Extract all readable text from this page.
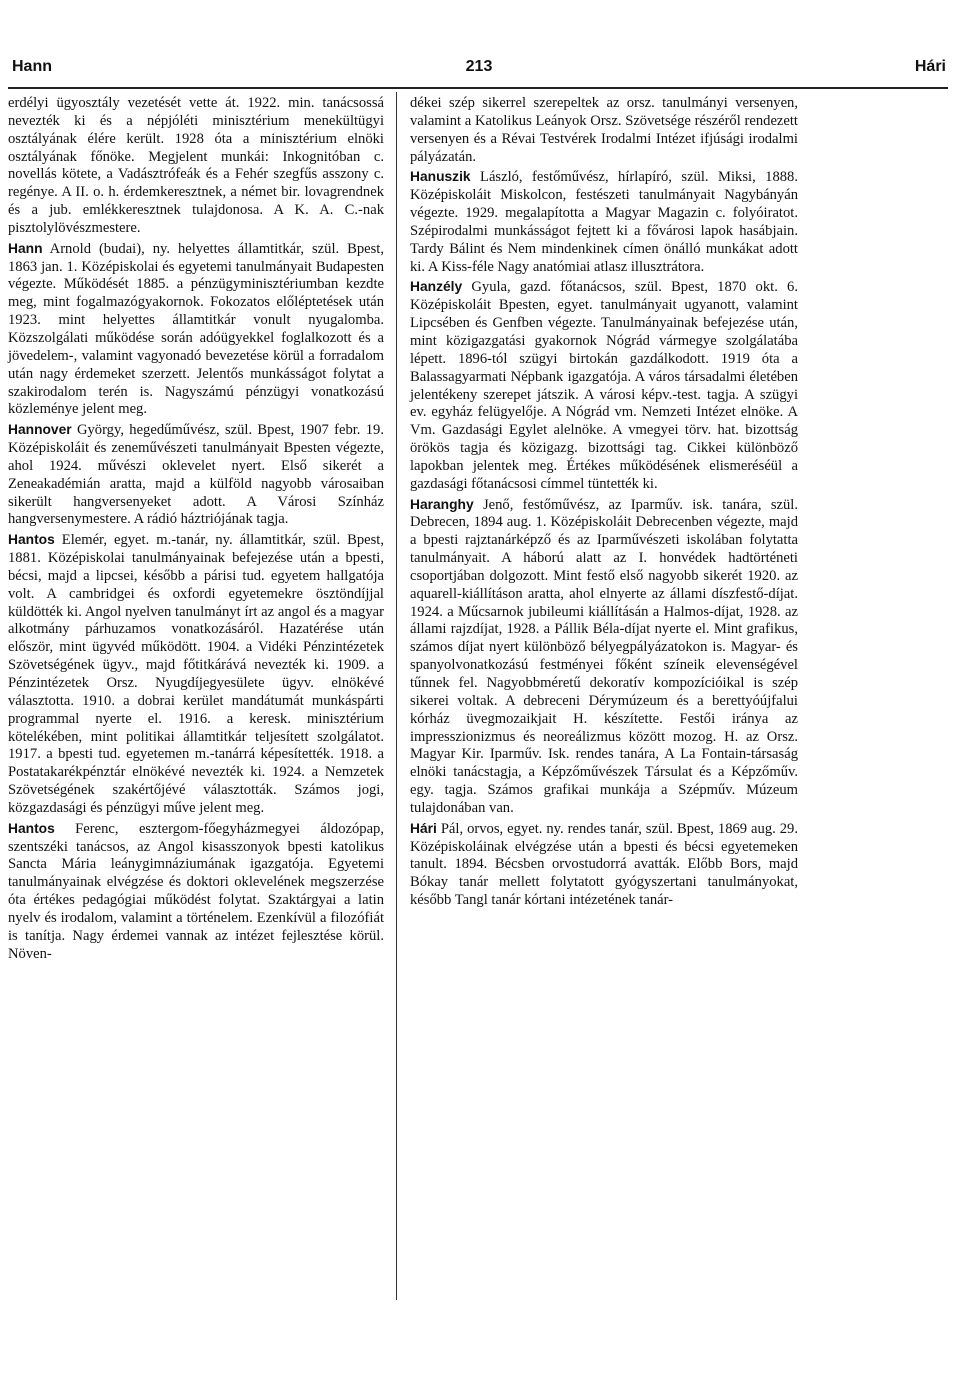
Hann	213	Hári

erdélyi ügyosztály vezetését vette át. 1922. min. tanácsossá nevezték ki és a népjóléti minisztérium menekültügyi osztályának élére került. 1928 óta a minisztérium elnöki osztályának főnöke. Megjelent munkái: Inkognitóban c. novellás kötete, a Vadásztrófeák és a Fehér szegfűs asszony c. regénye. A II. o. h. érdemkeresztnek, a német bir. lovagrendnek és a jub. emlékkeresztnek tulajdonosa. A K. A. C.-nak pisztolylövészmestere.

Hann Arnold (budai), ny. helyettes államtitkár, szül. Bpest, 1863 jan. 1. Középiskolai és egyetemi tanulmányait Budapesten végezte. Működését 1885. a pénzügyminisztériumban kezdte meg, mint fogalmazógyakornok. Fokozatos előléptetések után 1923. mint helyettes államtitkár vonult nyugalomba. Közszolgálati működése során adóügyekkel foglalkozott és a jövedelem-, valamint vagyonadó bevezetése körül a forradalom után nagy érdemeket szerzett. Jelentős munkásságot folytat a szakirodalom terén is. Nagyszámú pénzügyi vonatkozású közleménye jelent meg.

Hannover György, hegedűművész, szül. Bpest, 1907 febr. 19. Középiskoláit és zeneművészeti tanulmányait Bpesten végezte, ahol 1924. művészi oklevelet nyert. Első sikerét a Zeneakadémián aratta, majd a külföld nagyobb városaiban sikerült hangversenyeket adott. A Városi Színház hangversenymestere. A rádió háztriójának tagja.

Hantos Elemér, egyet. m.-tanár, ny. államtitkár, szül. Bpest, 1881. Középiskolai tanulmányainak befejezése után a bpesti, bécsi, majd a lipcsei, később a párisi tud. egyetem hallgatója volt. A cambridgei és oxfordi egyetemekre ösztöndíjjal küldötték ki. Angol nyelven tanulmányt írt az angol és a magyar alkotmány párhuzamos vonatkozásáról. Hazatérése után először, mint ügyvéd működött. 1904. a Vidéki Pénzintézetek Szövetségének ügyv., majd főtitkárává nevezték ki. 1909. a Pénzintézetek Orsz. Nyugdíjegyesülete ügyv. elnökévé választotta. 1910. a dobrai kerület mandátumát munkáspárti programmal nyerte el. 1916. a keresk. minisztérium kötelékében, mint politikai államtitkár teljesített szolgálatot. 1917. a bpesti tud. egyetemen m.-tanárrá képesítették. 1918. a Postatakarékpénztár elnökévé nevezték ki. 1924. a Nemzetek Szövetségének szakértőjévé választották. Számos jogi, közgazdasági és pénzügyi műve jelent meg.

Hantos Ferenc, esztergom-főegyházmegyei áldozópap, szentszéki tanácsos, az Angol kisasszonyok bpesti katolikus Sancta Mária leánygimnáziumának igazgatója. Egyetemi tanulmányainak elvégzése és doktori oklevelének megszerzése óta értékes pedagógiai működést folytat. Szaktárgyai a latin nyelv és irodalom, valamint a történelem. Ezenkívül a filozófiát is tanítja. Nagy érdemei vannak az intézet fejlesztése körül. Növen-

dékei szép sikerrel szerepeltek az orsz. tanulmányi versenyen, valamint a Katolikus Leányok Orsz. Szövetsége részéről rendezett versenyen és a Révai Testvérek Irodalmi Intézet ifjúsági irodalmi pályázatán.

Hanuszik László, festőművész, hírlapíró, szül. Miksi, 1888. Középiskoláit Miskolcon, festészeti tanulmányait Nagybányán végezte. 1929. megalapította a Magyar Magazin c. folyóiratot. Szépirodalmi munkásságot fejtett ki a fővárosi lapok hasábjain. Tardy Bálint és Nem mindenkinek címen önálló munkákat adott ki. A Kiss-féle Nagy anatómiai atlasz illusztrátora.

Hanzély Gyula, gazd. főtanácsos, szül. Bpest, 1870 okt. 6. Középiskoláit Bpesten, egyet. tanulmányait ugyanott, valamint Lipcsében és Genfben végezte. Tanulmányainak befejezése után, mint közigazgatási gyakornok Nógrád vármegye szolgálatába lépett. 1896-tól szügyi birtokán gazdálkodott. 1919 óta a Balassagyarmati Népbank igazgatója. A város társadalmi életében jelentékeny szerepet játszik. A városi képv.-test. tagja. A szügyi ev. egyház felügyelője. A Nógrád vm. Nemzeti Intézet elnöke. A Vm. Gazdasági Egylet alelnöke. A vmegyei törv. hat. bizottság örökös tagja és közigazg. bizottsági tag. Cikkei különböző lapokban jelentek meg. Értékes működésének elismeréséül a gazdasági főtanácsosi címmel tüntették ki.

Haranghy Jenő, festőművész, az Iparműv. isk. tanára, szül. Debrecen, 1894 aug. 1. Középiskoláit Debrecenben végezte, majd a bpesti rajztanárképző és az Iparművészeti iskolában folytatta tanulmányait. A háború alatt az I. honvédek hadtörténeti csoportjában dolgozott. Mint festő első nagyobb sikerét 1920. az aquarell-kiállításon aratta, ahol elnyerte az állami díszfestő-díjat. 1924. a Műcsarnok jubileumi kiállításán a Halmos-díjat, 1928. az állami rajzdíjat, 1928. a Pállik Béla-díjat nyerte el. Mint grafikus, számos díjat nyert különböző bélyegpályázatokon is. Magyar- és spanyolvonatkozású festményei főként színeik elevenségével tűnnek fel. Nagyobbméretű dekoratív kompozícióikal is szép sikerei voltak. A debreceni Dérymúzeum és a berettyóújfalui kórház üvegmozaikjait H. készítette. Festői iránya az impresszionizmus és neoreálizmus között mozog. H. az Orsz. Magyar Kir. Iparműv. Isk. rendes tanára, A La Fontain-társaság elnöki tanácstagja, a Képzőművészek Társulat és a Képzőműv. egy. tagja. Számos grafikai munkája a Szépműv. Múzeum tulajdonában van.

Hári Pál, orvos, egyet. ny. rendes tanár, szül. Bpest, 1869 aug. 29. Középiskoláinak elvégzése után a bpesti és bécsi egyetemeken tanult. 1894. Bécsben orvostudorrá avatták. Előbb Bors, majd Bókay tanár mellett folytatott gyógyszertani tanulmányokat, később Tangl tanár kórtani intézetének tanár-
